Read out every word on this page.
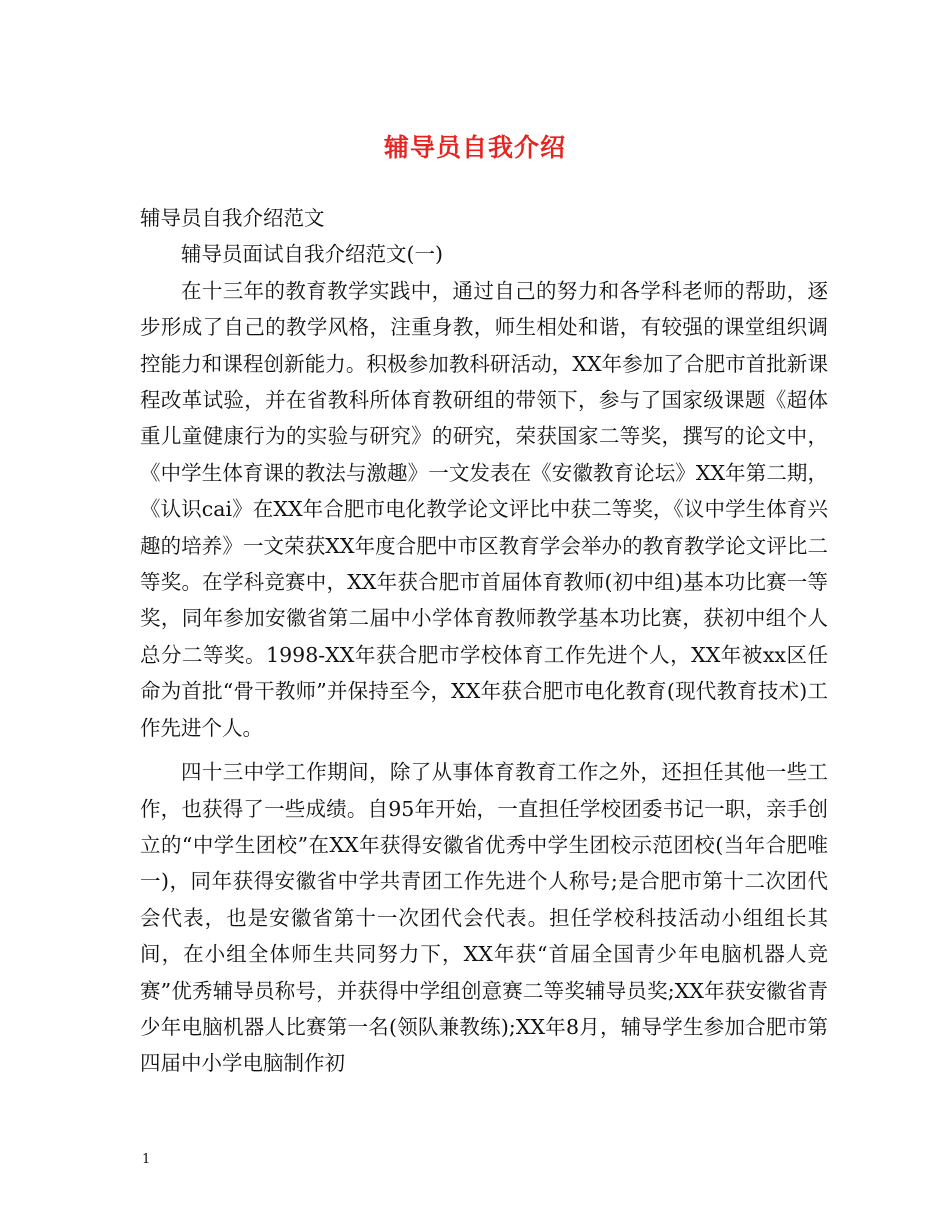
辅导员自我介绍

辅导员自我介绍范文

辅导员面试自我介绍范文(一)

在十三年的教育教学实践中，通过自己的努力和各学科老师的帮助，逐步形成了自己的教学风格，注重身教，师生相处和谐，有较强的课堂组织调控能力和课程创新能力。积极参加教科研活动，XX年参加了合肥市首批新课程改革试验，并在省教科所体育教研组的带领下，参与了国家级课题《超体重儿童健康行为的实验与研究》的研究，荣获国家二等奖，撰写的论文中，《中学生体育课的教法与激趣》一文发表在《安徽教育论坛》XX年第二期，《认识cai》在XX年合肥市电化教学论文评比中获二等奖，《议中学生体育兴趣的培养》一文荣获XX年度合肥中市区教育学会举办的教育教学论文评比二等奖。在学科竞赛中，XX年获合肥市首届体育教师(初中组)基本功比赛一等奖，同年参加安徽省第二届中小学体育教师教学基本功比赛，获初中组个人总分二等奖。1998-XX年获合肥市学校体育工作先进个人，XX年被xx区任命为首批“骨干教师”并保持至今，XX年获合肥市电化教育(现代教育技术)工作先进个人。

四十三中学工作期间，除了从事体育教育工作之外，还担任其他一些工作，也获得了一些成绩。自95年开始，一直担任学校团委书记一职，亲手创立的“中学生团校”在XX年获得安徽省优秀中学生团校示范团校(当年合肥唯一)，同年获得安徽省中学共青团工作先进个人称号;是合肥市第十二次团代会代表，也是安徽省第十一次团代会代表。担任学校科技活动小组组长其间，在小组全体师生共同努力下，XX年获“首届全国青少年电脑机器人竞赛”优秀辅导员称号，并获得中学组创意赛二等奖辅导员奖;XX年获安徽省青少年电脑机器人比赛第一名(领队兼教练);XX年8月，辅导学生参加合肥市第四届中小学电脑制作初

1
